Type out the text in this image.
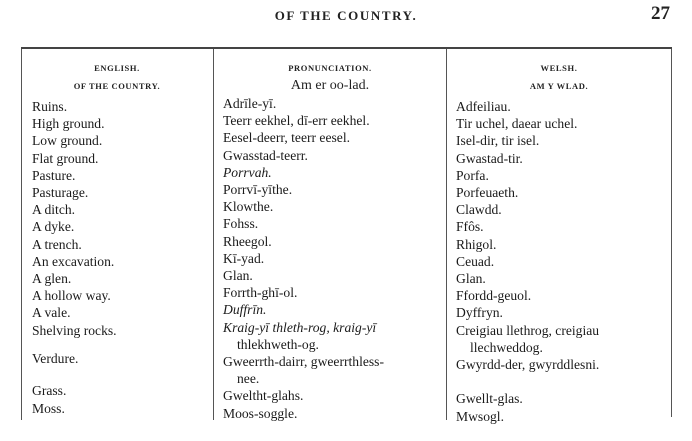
OF THE COUNTRY.	27
ENGLISH.
OF THE COUNTRY.
Ruins.
High ground.
Low ground.
Flat ground.
Pasture.
Pasturage.
A ditch.
A dyke.
A trench.
An excavation.
A glen.
A hollow way.
A vale.
Shelving rocks.
Verdure.
Grass.
Moss.
PRONUNCIATION.
Am er oo-lad.
Adrīle-yī.
Teerr eekhel, dī-err eekhel.
Eesel-deerr, teerr eesel.
Gwasstad-teerr.
Porrvah.
Porrvī-yīthe.
Klowthe.
Fohss.
Rheegol.
Kī-yad.
Glan.
Forrth-ghī-ol.
Duffrīn.
Kraig-yī thleth-rog, kraig-yī
thlekhweth-og.
Gweerrth-dairr, gweerrthless-
nee.
Gweltht-glahs.
Moos-soggle.
WELSH.
AM Y WLAD.
Adfeiliau.
Tir uchel, daear uchel.
Isel-dir, tir isel.
Gwastad-tir.
Porfa.
Porfeuaeth.
Clawdd.
Ffôs.
Rhigol.
Ceuad.
Glan.
Ffordd-geuol.
Dyffryn.
Creigiau llethrog, creigiau
llechweddog.
Gwyrdd-der, gwyrddlesni.
Gwellt-glas.
Mwsogl.
